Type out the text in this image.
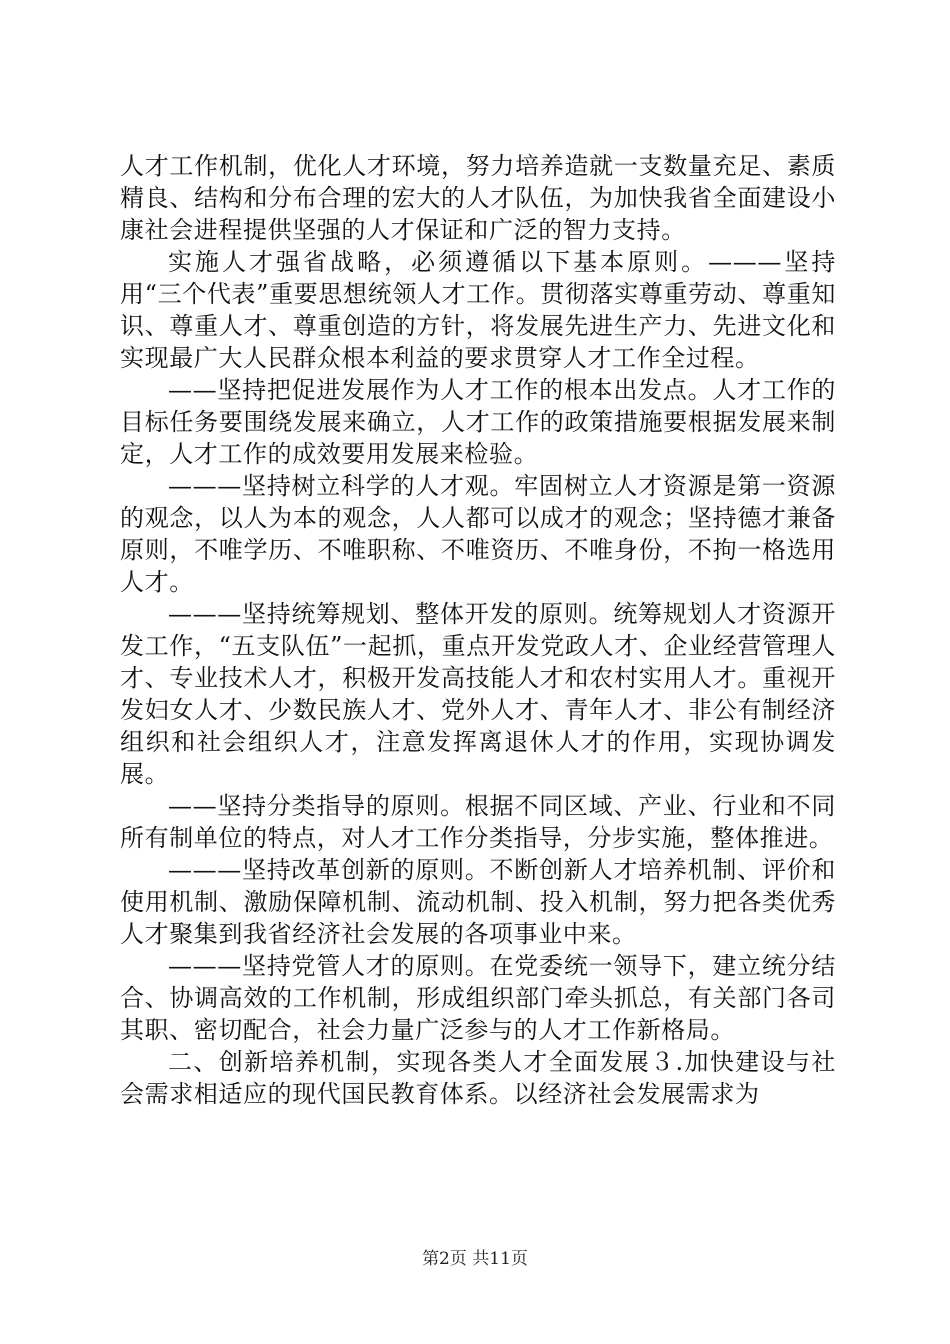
人才工作机制，优化人才环境，努力培养造就一支数量充足、素质精良、结构和分布合理的宏大的人才队伍，为加快我省全面建设小康社会进程提供坚强的人才保证和广泛的智力支持。

实施人才强省战略，必须遵循以下基本原则。———坚持用“三个代表”重要思想统领人才工作。贯彻落实尊重劳动、尊重知识、尊重人才、尊重创造的方针，将发展先进生产力、先进文化和实现最广大人民群众根本利益的要求贯穿人才工作全过程。

——坚持把促进发展作为人才工作的根本出发点。人才工作的目标任务要围绕发展来确立，人才工作的政策措施要根据发展来制定，人才工作的成效要用发展来检验。

———坚持树立科学的人才观。牢固树立人才资源是第一资源的观念，以人为本的观念，人人都可以成才的观念；坚持德才兼备原则，不唯学历、不唯职称、不唯资历、不唯身份，不拘一格选用人才。

———坚持统筹规划、整体开发的原则。统筹规划人才资源开发工作，“五支队伍”一起抓，重点开发党政人才、企业经营管理人才、专业技术人才，积极开发高技能人才和农村实用人才。重视开发妇女人才、少数民族人才、党外人才、青年人才、非公有制经济组织和社会组织人才，注意发挥离退休人才的作用，实现协调发展。

——坚持分类指导的原则。根据不同区域、产业、行业和不同所有制单位的特点，对人才工作分类指导，分步实施，整体推进。

———坚持改革创新的原则。不断创新人才培养机制、评价和使用机制、激励保障机制、流动机制、投入机制，努力把各类优秀人才聚集到我省经济社会发展的各项事业中来。

———坚持党管人才的原则。在党委统一领导下，建立统分结合、协调高效的工作机制，形成组织部门牵头抓总，有关部门各司其职、密切配合，社会力量广泛参与的人才工作新格局。

二、创新培养机制，实现各类人才全面发展３.加快建设与社会需求相适应的现代国民教育体系。以经济社会发展需求为

第2页 共11页
